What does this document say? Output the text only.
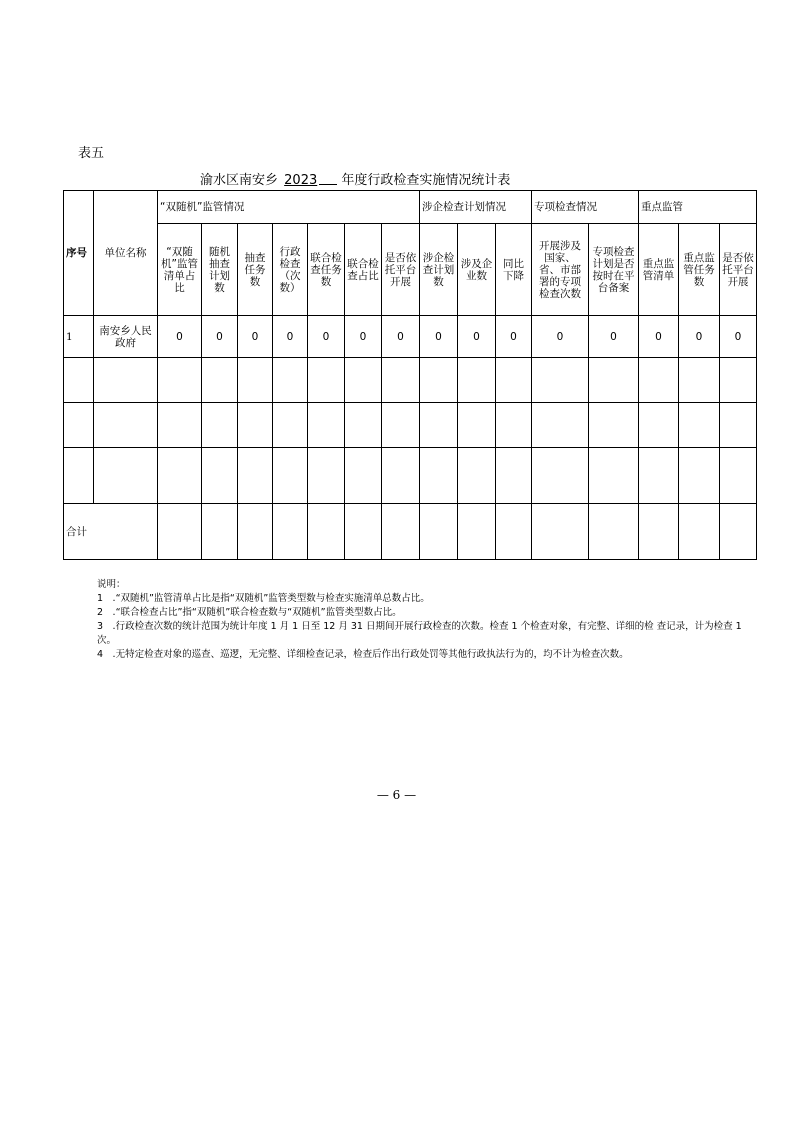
表五
渝水区南安乡 2023 年度行政检查实施情况统计表
序号	单位名称	“双随机”监管情况							涉企检查计划情况			专项检查情况		重点监管		
		“双随机”监管清单占比	随机抽查计划数	抽查任务数	行政检查（次数）	联合检查任务数	联合检查占比	是否依托平台开展	涉企检查计划数	涉及企业数	同比下降	开展涉及国家、省、市部署的专项检查次数	专项检查计划是否按时在平台备案	重点监管清单	重点监管任务数	是否依托平台开展
1	南安乡人民政府	0	0	0	0	0	0	0	0	0	0	0	0	0	0	0

合计																
说明：
1　.“双随机”监管清单占比是指“双随机”监管类型数与检查实施清单总数占比。
2　.“联合检查占比”指“双随机”联合检查数与“双随机”监管类型数占比。
3　.行政检查次数的统计范围为统计年度 1 月 1 日至 12 月 31 日期间开展行政检查的次数。检查 1 个检查对象，有完整、详细的检 查记录，计为检查 1 次。
4　.无特定检查对象的巡查、巡逻，无完整、详细检查记录，检查后作出行政处罚等其他行政执法行为的，均不计为检查次数。
— 6 —
